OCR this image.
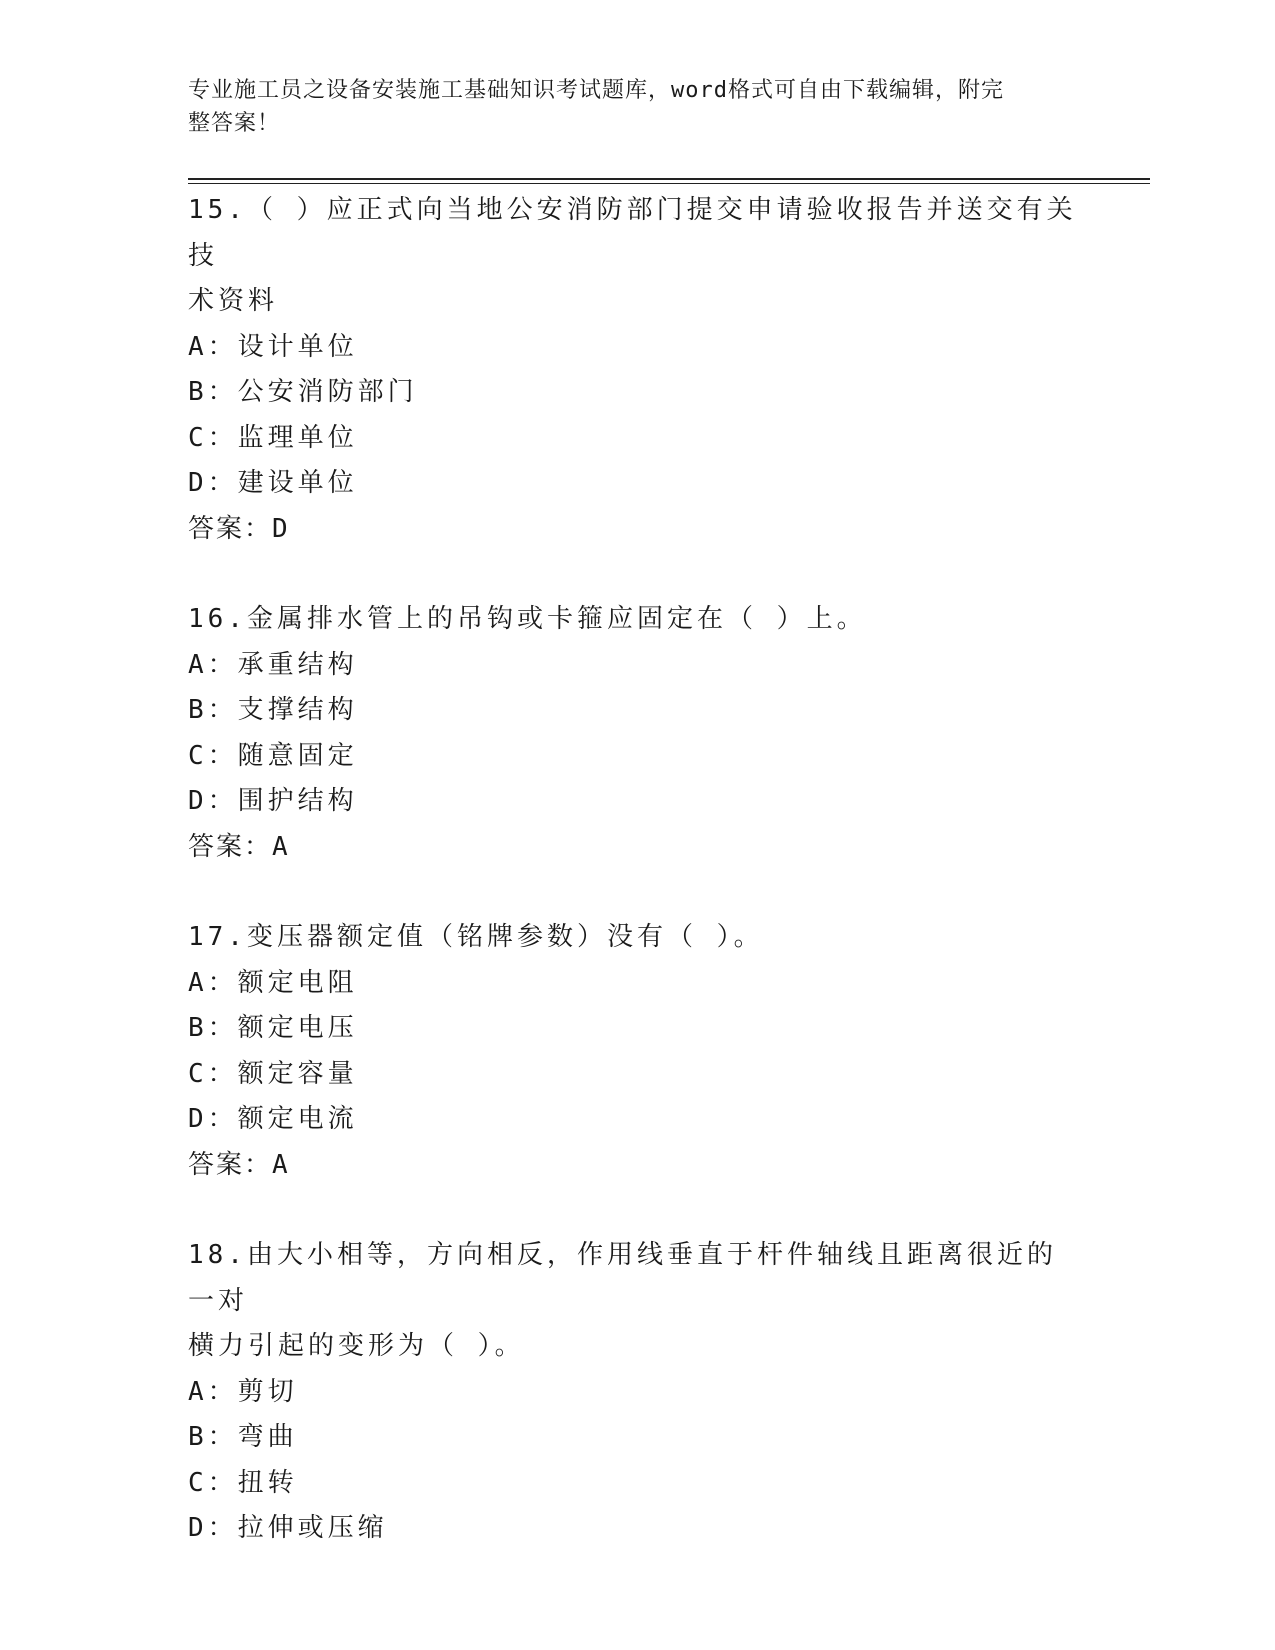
专业施工员之设备安装施工基础知识考试题库，word格式可自由下载编辑，附完
整答案！
15.（ ）应正式向当地公安消防部门提交申请验收报告并送交有关技
术资料
A：设计单位
B：公安消防部门
C：监理单位
D：建设单位
答案：D
16.金属排水管上的吊钩或卡箍应固定在（ ）上。
A：承重结构
B：支撑结构
C：随意固定
D：围护结构
答案：A
17.变压器额定值（铭牌参数）没有（ ）。
A：额定电阻
B：额定电压
C：额定容量
D：额定电流
答案：A
18.由大小相等，方向相反，作用线垂直于杆件轴线且距离很近的一对
横力引起的变形为（ ）。
A：剪切
B：弯曲
C：扭转
D：拉伸或压缩
